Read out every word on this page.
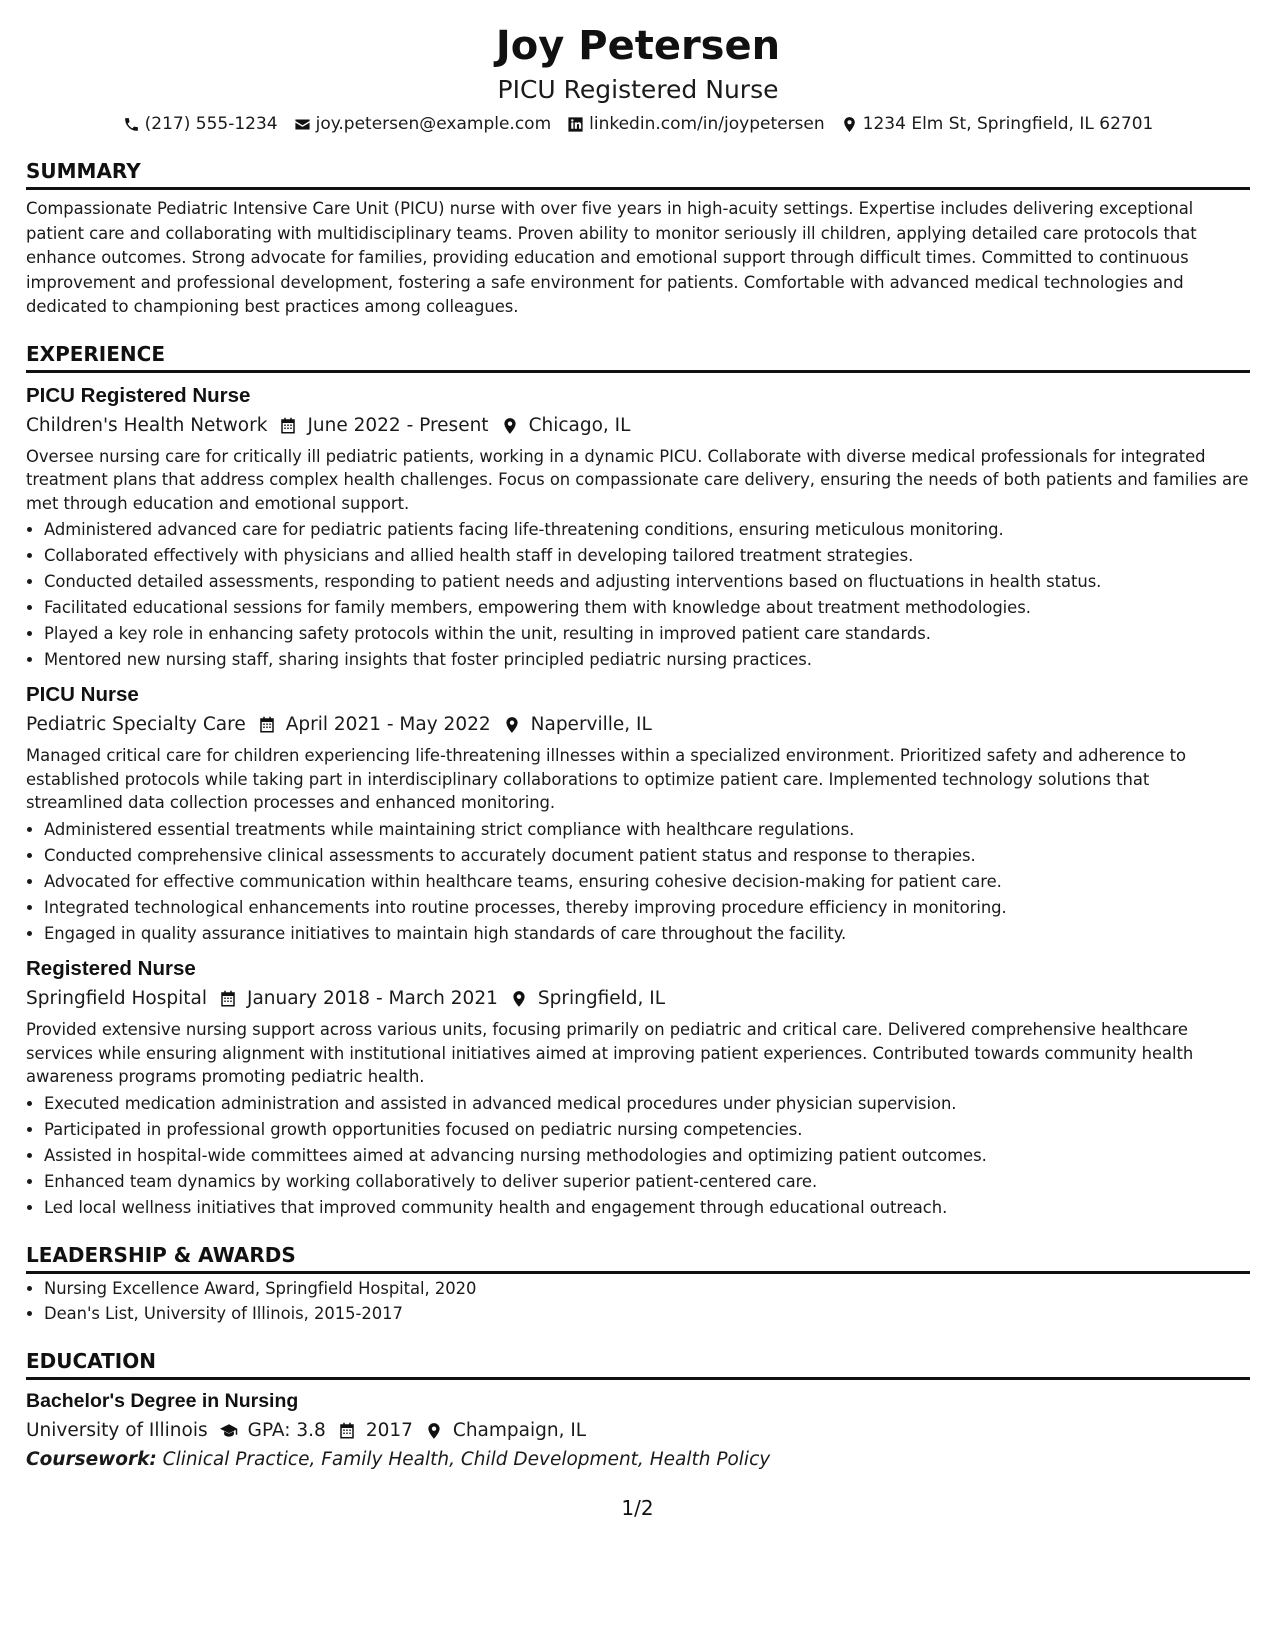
Joy Petersen
PICU Registered Nurse
(217) 555-1234 joy.petersen@example.com linkedin.com/in/joypetersen 1234 Elm St, Springfield, IL 62701
SUMMARY
Compassionate Pediatric Intensive Care Unit (PICU) nurse with over five years in high-acuity settings. Expertise includes delivering exceptional patient care and collaborating with multidisciplinary teams. Proven ability to monitor seriously ill children, applying detailed care protocols that enhance outcomes. Strong advocate for families, providing education and emotional support through difficult times. Committed to continuous improvement and professional development, fostering a safe environment for patients. Comfortable with advanced medical technologies and dedicated to championing best practices among colleagues.
EXPERIENCE
PICU Registered Nurse
Children's Health Network June 2022 - Present Chicago, IL
Oversee nursing care for critically ill pediatric patients, working in a dynamic PICU. Collaborate with diverse medical professionals for integrated treatment plans that address complex health challenges. Focus on compassionate care delivery, ensuring the needs of both patients and families are met through education and emotional support.
• Administered advanced care for pediatric patients facing life-threatening conditions, ensuring meticulous monitoring.
• Collaborated effectively with physicians and allied health staff in developing tailored treatment strategies.
• Conducted detailed assessments, responding to patient needs and adjusting interventions based on fluctuations in health status.
• Facilitated educational sessions for family members, empowering them with knowledge about treatment methodologies.
• Played a key role in enhancing safety protocols within the unit, resulting in improved patient care standards.
• Mentored new nursing staff, sharing insights that foster principled pediatric nursing practices.
PICU Nurse
Pediatric Specialty Care April 2021 - May 2022 Naperville, IL
Managed critical care for children experiencing life-threatening illnesses within a specialized environment. Prioritized safety and adherence to established protocols while taking part in interdisciplinary collaborations to optimize patient care. Implemented technology solutions that streamlined data collection processes and enhanced monitoring.
• Administered essential treatments while maintaining strict compliance with healthcare regulations.
• Conducted comprehensive clinical assessments to accurately document patient status and response to therapies.
• Advocated for effective communication within healthcare teams, ensuring cohesive decision-making for patient care.
• Integrated technological enhancements into routine processes, thereby improving procedure efficiency in monitoring.
• Engaged in quality assurance initiatives to maintain high standards of care throughout the facility.
Registered Nurse
Springfield Hospital January 2018 - March 2021 Springfield, IL
Provided extensive nursing support across various units, focusing primarily on pediatric and critical care. Delivered comprehensive healthcare services while ensuring alignment with institutional initiatives aimed at improving patient experiences. Contributed towards community health awareness programs promoting pediatric health.
• Executed medication administration and assisted in advanced medical procedures under physician supervision.
• Participated in professional growth opportunities focused on pediatric nursing competencies.
• Assisted in hospital-wide committees aimed at advancing nursing methodologies and optimizing patient outcomes.
• Enhanced team dynamics by working collaboratively to deliver superior patient-centered care.
• Led local wellness initiatives that improved community health and engagement through educational outreach.
LEADERSHIP & AWARDS
• Nursing Excellence Award, Springfield Hospital, 2020
• Dean's List, University of Illinois, 2015-2017
EDUCATION
Bachelor's Degree in Nursing
University of Illinois GPA: 3.8 2017 Champaign, IL
Coursework: Clinical Practice, Family Health, Child Development, Health Policy
1/2
